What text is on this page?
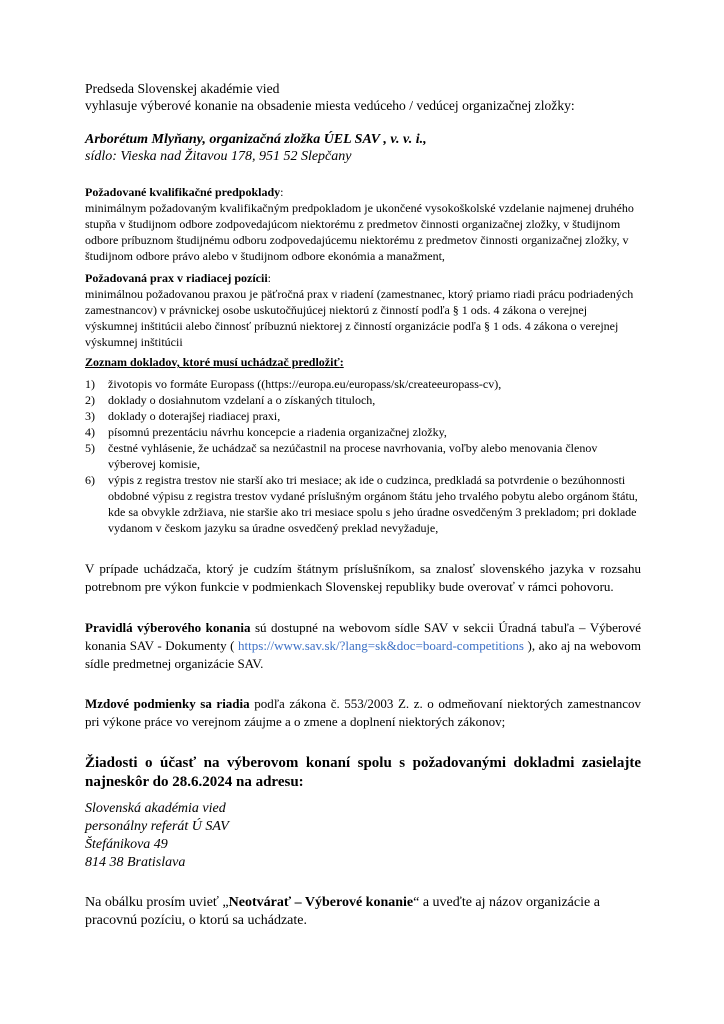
Predseda Slovenskej akadémie vied

vyhlasuje výberové konanie na obsadenie miesta vedúceho / vedúcej organizačnej zložky:

Arborétum Mlyňany, organizačná zložka ÚEL SAV , v. v. i.,

sídlo: Vieska nad Žitavou 178, 951 52 Slepčany

Požadované kvalifikačné predpoklady:

minimálnym požadovaným kvalifikačným predpokladom je ukončené vysokoškolské vzdelanie najmenej druhého stupňa v študijnom odbore zodpovedajúcom niektorému z predmetov činnosti organizačnej zložky, v študijnom odbore príbuznom študijnému odboru zodpovedajúcemu niektorému z predmetov činnosti organizačnej zložky, v študijnom odbore právo alebo v študijnom odbore ekonómia a manažment,

Požadovaná prax v riadiacej pozícii:

minimálnou požadovanou praxou je päťročná prax v riadení (zamestnanec, ktorý priamo riadi prácu podriadených zamestnancov) v právnickej osobe uskutočňujúcej niektorú z činností podľa § 1 ods. 4 zákona o verejnej výskumnej inštitúcii alebo činnosť príbuznú niektorej z činností organizácie podľa § 1 ods. 4 zákona o verejnej výskumnej inštitúcii

Zoznam dokladov, ktoré musí uchádzač predložiť:
1)	životopis vo formáte Europass ((https://europa.eu/europass/sk/createeuropass-cv),
2)	doklady o dosiahnutom vzdelaní a o získaných tituloch,
3)	doklady o doterajšej riadiacej praxi,
4)	písomnú prezentáciu návrhu koncepcie a riadenia organizačnej zložky,
5)	čestné vyhlásenie, že uchádzač sa nezúčastnil na procese navrhovania, voľby alebo menovania členov výberovej komisie,
6)	výpis z registra trestov nie starší ako tri mesiace; ak ide o cudzinca, predkladá sa potvrdenie o bezúhonnosti obdobné výpisu z registra trestov vydané príslušným orgánom štátu jeho trvalého pobytu alebo orgánom štátu, kde sa obvykle zdržiava, nie staršie ako tri mesiace spolu s jeho úradne osvedčeným 3 prekladom; pri doklade vydanom v českom jazyku sa úradne osvedčený preklad nevyžaduje,

V prípade uchádzača, ktorý je cudzím štátnym príslušníkom, sa znalosť slovenského jazyka v rozsahu potrebnom pre výkon funkcie v podmienkach Slovenskej republiky bude overovať v rámci pohovoru.

Pravidlá výberového konania sú dostupné na webovom sídle SAV v sekcii Úradná tabuľa – Výberové konania SAV - Dokumenty ( https://www.sav.sk/?lang=sk&doc=board-competitions ), ako aj na webovom sídle predmetnej organizácie SAV.

Mzdové podmienky sa riadia podľa zákona č. 553/2003 Z. z. o odmeňovaní niektorých zamestnancov pri výkone práce vo verejnom záujme a o zmene a doplnení niektorých zákonov;

Žiadosti o účasť na výberovom konaní spolu s požadovanými dokladmi zasielajte najneskôr do 28.6.2024 na adresu:

Slovenská akadémia vied

personálny referát Ú SAV

Štefánikova 49

814 38 Bratislava

Na obálku prosím uvieť „Neotvárať – Výberové konanie“ a uveďte aj názov organizácie a pracovnú pozíciu, o ktorú sa uchádzate.
